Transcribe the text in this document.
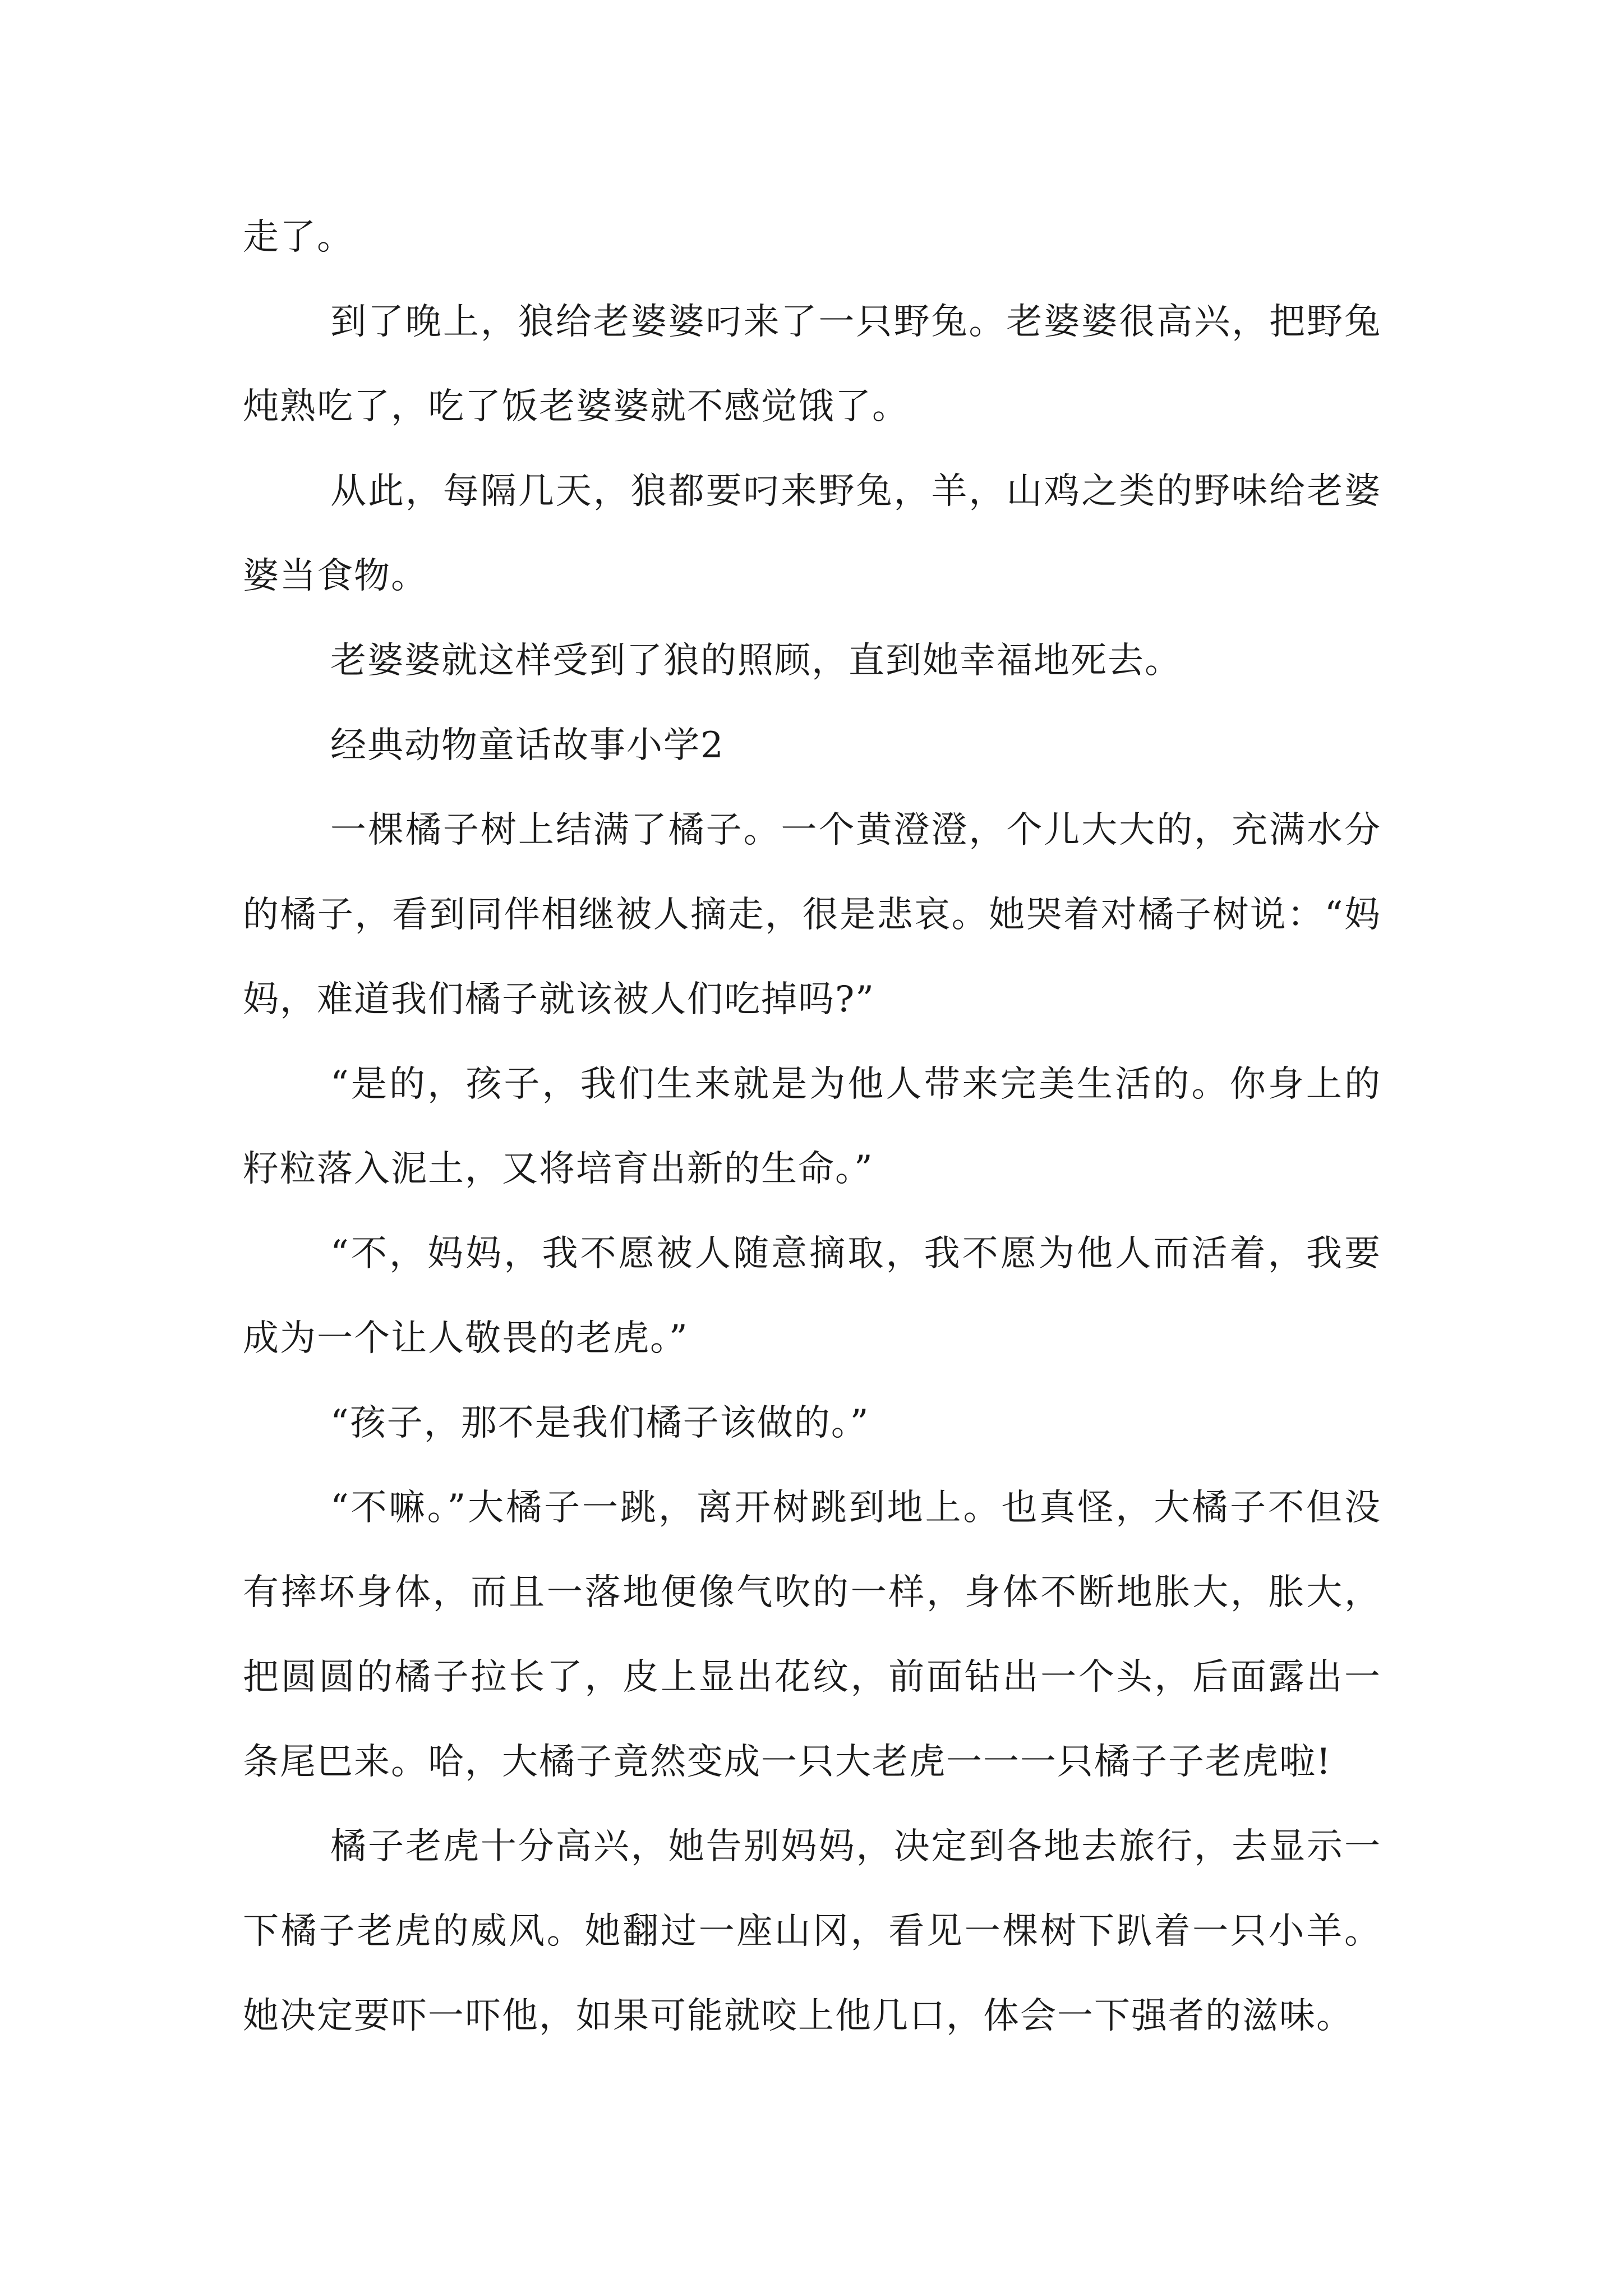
走了。

到了晚上，狼给老婆婆叼来了一只野兔。老婆婆很高兴，把野兔炖熟吃了，吃了饭老婆婆就不感觉饿了。

从此，每隔几天，狼都要叼来野兔，羊，山鸡之类的野味给老婆婆当食物。

老婆婆就这样受到了狼的照顾，直到她幸福地死去。

经典动物童话故事小学2

一棵橘子树上结满了橘子。一个黄澄澄，个儿大大的，充满水分的橘子，看到同伴相继被人摘走，很是悲哀。她哭着对橘子树说：“妈妈，难道我们橘子就该被人们吃掉吗?”

“是的，孩子，我们生来就是为他人带来完美生活的。你身上的籽粒落入泥土，又将培育出新的生命。”

“不，妈妈，我不愿被人随意摘取，我不愿为他人而活着，我要成为一个让人敬畏的老虎。”

“孩子，那不是我们橘子该做的。”

“不嘛。”大橘子一跳，离开树跳到地上。也真怪，大橘子不但没有摔坏身体，而且一落地便像气吹的一样，身体不断地胀大，胀大，把圆圆的橘子拉长了，皮上显出花纹，前面钻出一个头，后面露出一条尾巴来。哈，大橘子竟然变成一只大老虎一一一只橘子子老虎啦!

橘子老虎十分高兴，她告别妈妈，决定到各地去旅行，去显示一下橘子老虎的威风。她翻过一座山冈，看见一棵树下趴着一只小羊。她决定要吓一吓他，如果可能就咬上他几口，体会一下强者的滋味。
